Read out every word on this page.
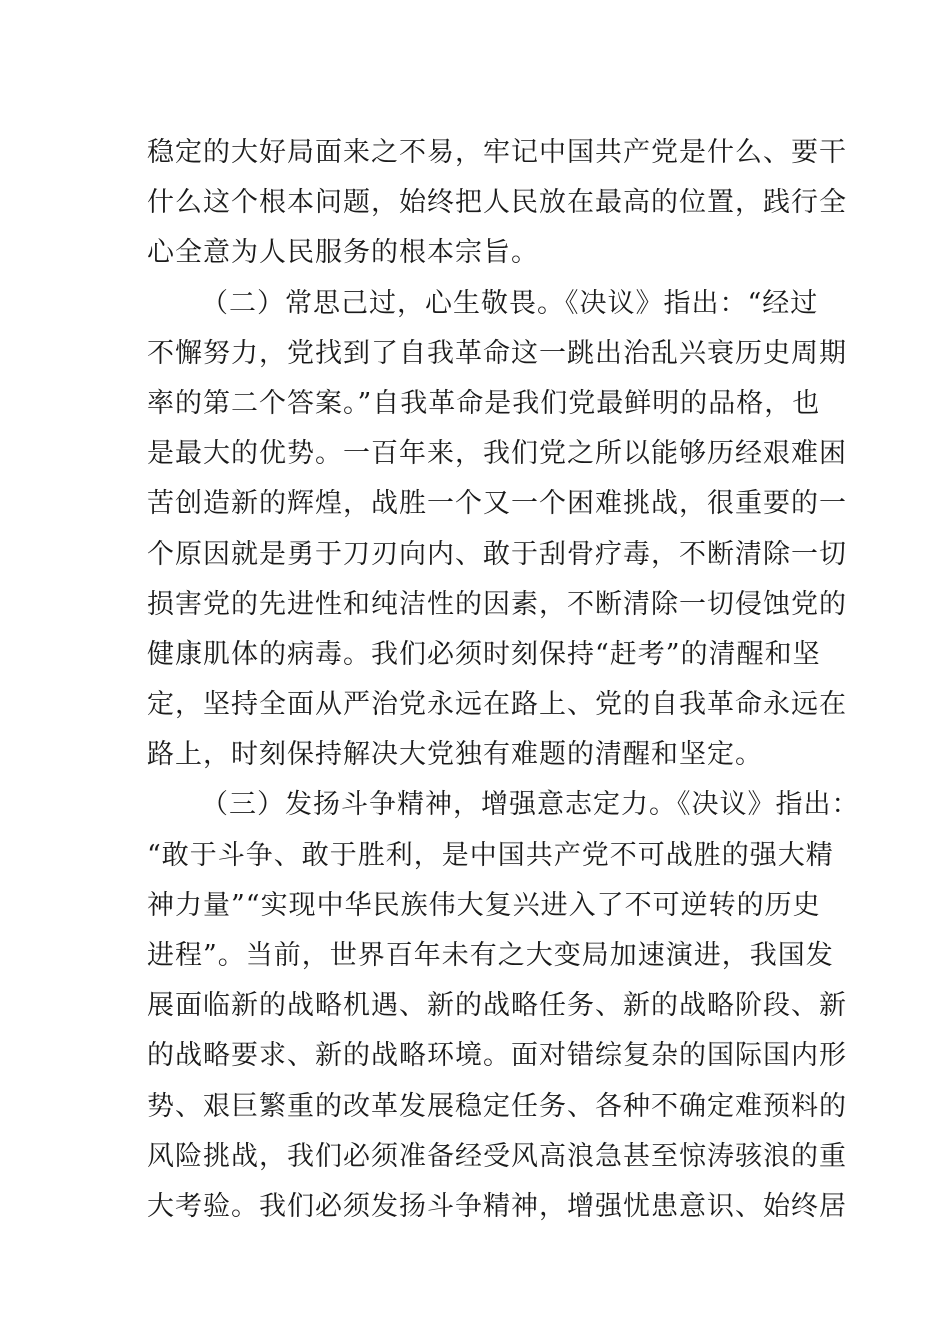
稳定的大好局面来之不易，牢记中国共产党是什么、要干
什么这个根本问题，始终把人民放在最高的位置，践行全
心全意为人民服务的根本宗旨。
（二）常思己过，心生敬畏。《决议》指出：“经过
不懈努力，党找到了自我革命这一跳出治乱兴衰历史周期
率的第二个答案。”自我革命是我们党最鲜明的品格，也
是最大的优势。一百年来，我们党之所以能够历经艰难困
苦创造新的辉煌，战胜一个又一个困难挑战，很重要的一
个原因就是勇于刀刃向内、敢于刮骨疗毒，不断清除一切
损害党的先进性和纯洁性的因素，不断清除一切侵蚀党的
健康肌体的病毒。我们必须时刻保持“赶考”的清醒和坚
定，坚持全面从严治党永远在路上、党的自我革命永远在
路上，时刻保持解决大党独有难题的清醒和坚定。
（三）发扬斗争精神，增强意志定力。《决议》指出：
“敢于斗争、敢于胜利，是中国共产党不可战胜的强大精
神力量”“实现中华民族伟大复兴进入了不可逆转的历史
进程”。当前，世界百年未有之大变局加速演进，我国发
展面临新的战略机遇、新的战略任务、新的战略阶段、新
的战略要求、新的战略环境。面对错综复杂的国际国内形
势、艰巨繁重的改革发展稳定任务、各种不确定难预料的
风险挑战，我们必须准备经受风高浪急甚至惊涛骇浪的重
大考验。我们必须发扬斗争精神，增强忧患意识、始终居
